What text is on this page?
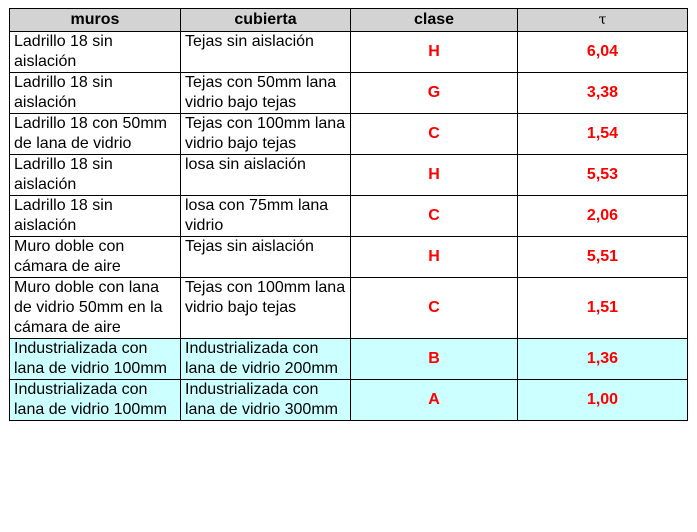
muros	cubierta	clase	τ
Ladrillo 18 sin aislación	Tejas sin aislación	H	6,04
Ladrillo 18 sin aislación	Tejas con 50mm lana vidrio bajo tejas	G	3,38
Ladrillo 18 con 50mm de lana de vidrio	Tejas con 100mm lana vidrio bajo tejas	C	1,54
Ladrillo 18 sin aislación	losa sin aislación	H	5,53
Ladrillo 18 sin aislación	losa con 75mm lana vidrio	C	2,06
Muro doble con cámara de aire	Tejas sin aislación	H	5,51
Muro doble con lana de vidrio 50mm en la cámara de aire	Tejas con 100mm lana vidrio bajo tejas	C	1,51
Industrializada con lana de vidrio 100mm	Industrializada con lana de vidrio 200mm	B	1,36
Industrializada con lana de vidrio 100mm	Industrializada con lana de vidrio 300mm	A	1,00
